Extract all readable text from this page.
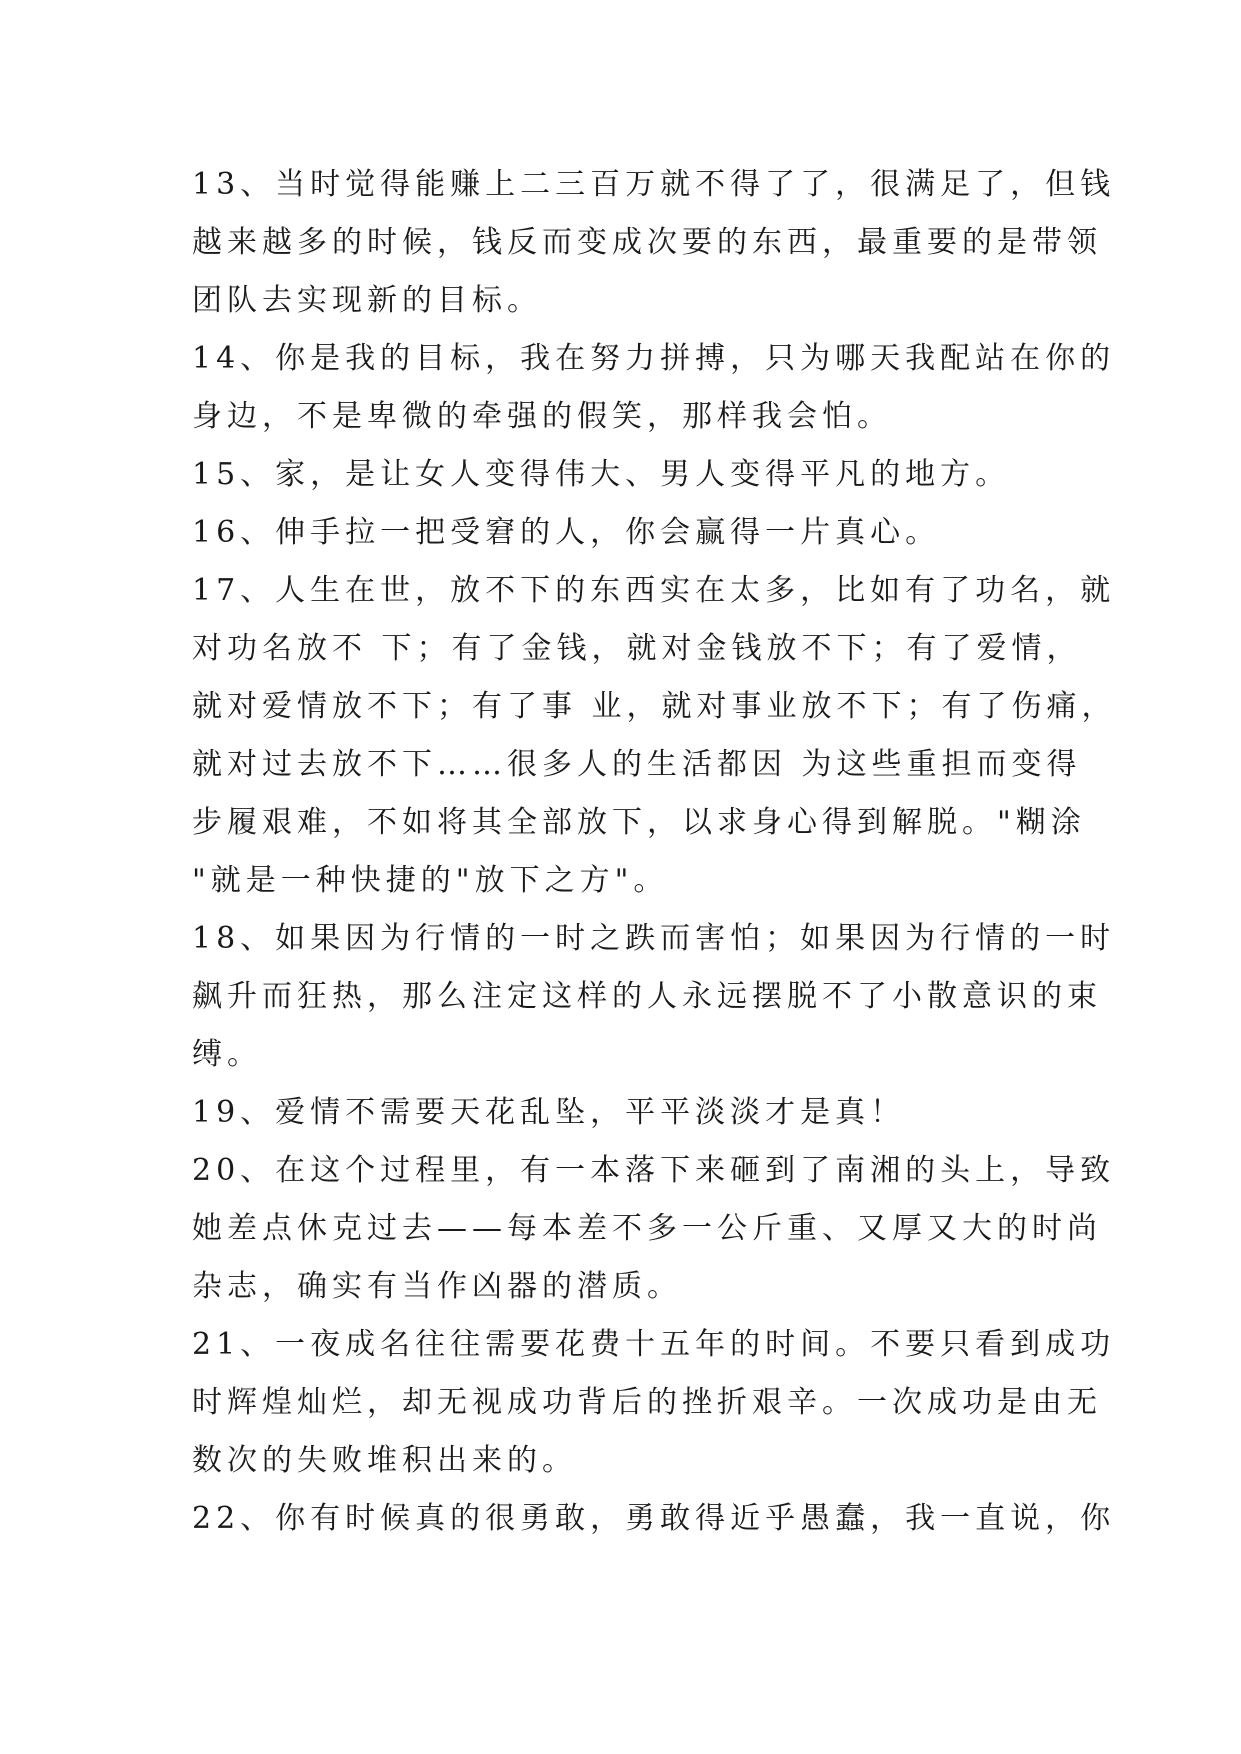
13、当时觉得能赚上二三百万就不得了了，很满足了，但钱
越来越多的时候，钱反而变成次要的东西，最重要的是带领
团队去实现新的目标。
14、你是我的目标，我在努力拼搏，只为哪天我配站在你的
身边，不是卑微的牵强的假笑，那样我会怕。
15、家，是让女人变得伟大、男人变得平凡的地方。
16、伸手拉一把受窘的人，你会赢得一片真心。
17、人生在世，放不下的东西实在太多，比如有了功名，就
对功名放不 下；有了金钱，就对金钱放不下；有了爱情，
就对爱情放不下；有了事 业，就对事业放不下；有了伤痛，
就对过去放不下……很多人的生活都因 为这些重担而变得
步履艰难，不如将其全部放下，以求身心得到解脱。"糊涂
"就是一种快捷的"放下之方"。
18、如果因为行情的一时之跌而害怕；如果因为行情的一时
飙升而狂热，那么注定这样的人永远摆脱不了小散意识的束
缚。
19、爱情不需要天花乱坠，平平淡淡才是真！
20、在这个过程里，有一本落下来砸到了南湘的头上，导致
她差点休克过去——每本差不多一公斤重、又厚又大的时尚
杂志，确实有当作凶器的潜质。
21、一夜成名往往需要花费十五年的时间。不要只看到成功
时辉煌灿烂，却无视成功背后的挫折艰辛。一次成功是由无
数次的失败堆积出来的。
22、你有时候真的很勇敢，勇敢得近乎愚蠢，我一直说，你
